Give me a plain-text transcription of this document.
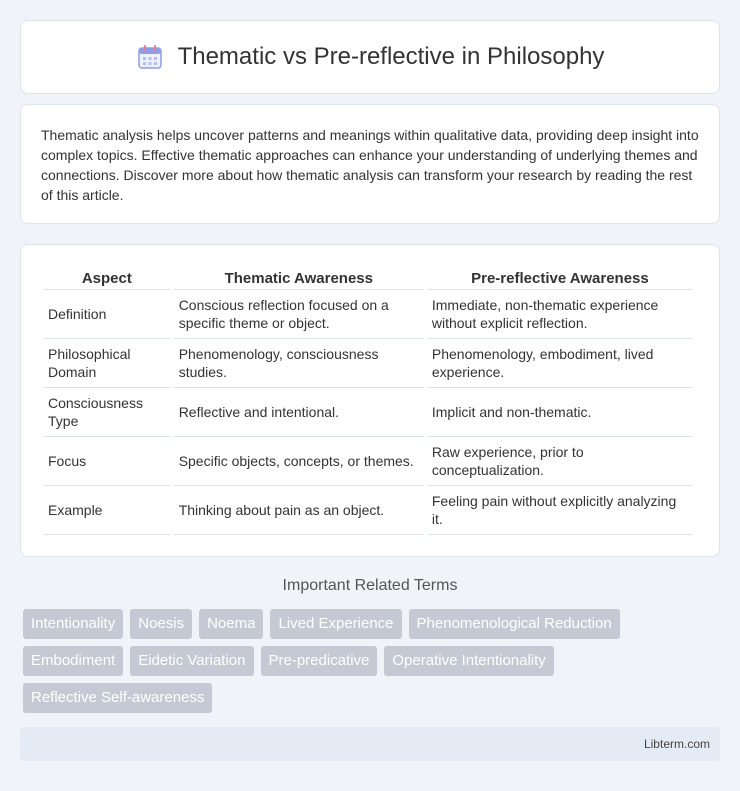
Thematic vs Pre-reflective in Philosophy

Thematic analysis helps uncover patterns and meanings within qualitative data, providing deep insight into complex topics. Effective thematic approaches can enhance your understanding of underlying themes and connections. Discover more about how thematic analysis can transform your research by reading the rest of this article.

Aspect	Thematic Awareness	Pre-reflective Awareness
Definition	Conscious reflection focused on a specific theme or object.	Immediate, non-thematic experience without explicit reflection.
Philosophical Domain	Phenomenology, consciousness studies.	Phenomenology, embodiment, lived experience.
Consciousness Type	Reflective and intentional.	Implicit and non-thematic.
Focus	Specific objects, concepts, or themes.	Raw experience, prior to conceptualization.
Example	Thinking about pain as an object.	Feeling pain without explicitly analyzing it.
Important Related Terms
Intentionality	Noesis	Noema	Lived Experience	Phenomenological Reduction
Embodiment	Eidetic Variation	Pre-predicative	Operative Intentionality
Reflective Self-awareness
Libterm.com
